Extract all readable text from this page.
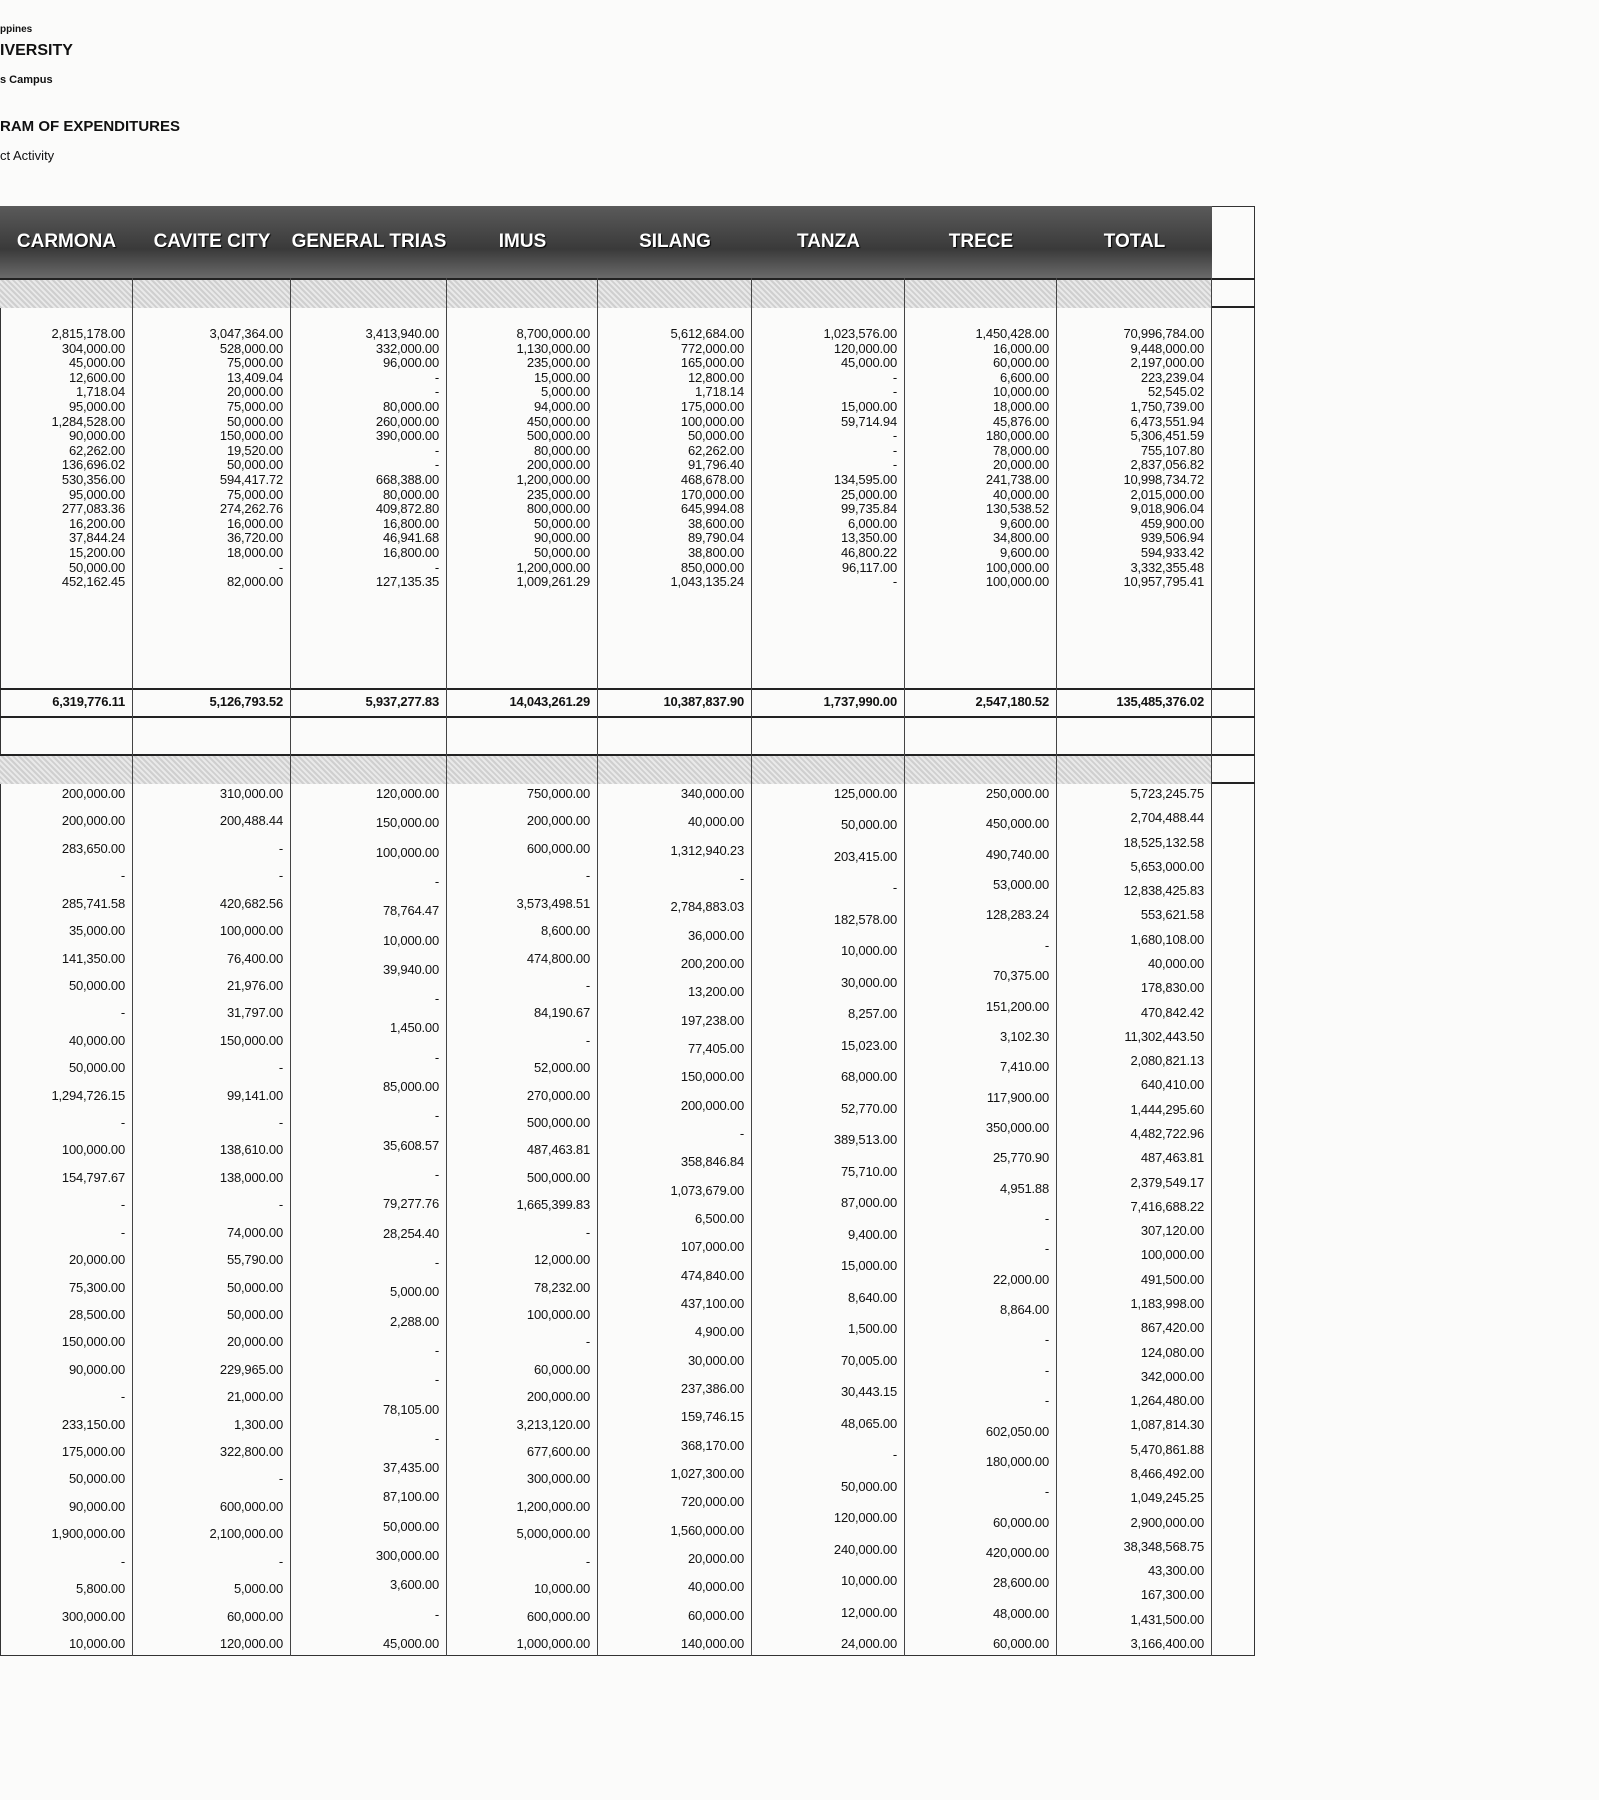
ppines
IVERSITY
s Campus
RAM OF EXPENDITURES
ct Activity
CARMONA
2,815,178.00
304,000.00
45,000.00
12,600.00
1,718.04
95,000.00
1,284,528.00
90,000.00
62,262.00
136,696.02
530,356.00
95,000.00
277,083.36
16,200.00
37,844.24
15,200.00
50,000.00
452,162.45
6,319,776.11
200,000.00
200,000.00
283,650.00
-
285,741.58
35,000.00
141,350.00
50,000.00
-
40,000.00
50,000.00
1,294,726.15
-
100,000.00
154,797.67
-
-
20,000.00
75,300.00
28,500.00
150,000.00
90,000.00
-
233,150.00
175,000.00
50,000.00
90,000.00
1,900,000.00
-
5,800.00
300,000.00
10,000.00
CAVITE CITY
3,047,364.00
528,000.00
75,000.00
13,409.04
20,000.00
75,000.00
50,000.00
150,000.00
19,520.00
50,000.00
594,417.72
75,000.00
274,262.76
16,000.00
36,720.00
18,000.00
-
82,000.00
5,126,793.52
310,000.00
200,488.44
-
-
420,682.56
100,000.00
76,400.00
21,976.00
31,797.00
150,000.00
-
99,141.00
-
138,610.00
138,000.00
-
74,000.00
55,790.00
50,000.00
50,000.00
20,000.00
229,965.00
21,000.00
1,300.00
322,800.00
-
600,000.00
2,100,000.00
-
5,000.00
60,000.00
120,000.00
GENERAL TRIAS
3,413,940.00
332,000.00
96,000.00
-
-
80,000.00
260,000.00
390,000.00
-
-
668,388.00
80,000.00
409,872.80
16,800.00
46,941.68
16,800.00
-
127,135.35
5,937,277.83
120,000.00
150,000.00
100,000.00
-
78,764.47
10,000.00
39,940.00
-
1,450.00
-
85,000.00
-
35,608.57
-
79,277.76
28,254.40
-
5,000.00
2,288.00
-
-
78,105.00
-
37,435.00
87,100.00
50,000.00
300,000.00
3,600.00
-
45,000.00
IMUS
8,700,000.00
1,130,000.00
235,000.00
15,000.00
5,000.00
94,000.00
450,000.00
500,000.00
80,000.00
200,000.00
1,200,000.00
235,000.00
800,000.00
50,000.00
90,000.00
50,000.00
1,200,000.00
1,009,261.29
14,043,261.29
750,000.00
200,000.00
600,000.00
-
3,573,498.51
8,600.00
474,800.00
-
84,190.67
-
52,000.00
270,000.00
500,000.00
487,463.81
500,000.00
1,665,399.83
-
12,000.00
78,232.00
100,000.00
-
60,000.00
200,000.00
3,213,120.00
677,600.00
300,000.00
1,200,000.00
5,000,000.00
-
10,000.00
600,000.00
1,000,000.00
SILANG
5,612,684.00
772,000.00
165,000.00
12,800.00
1,718.14
175,000.00
100,000.00
50,000.00
62,262.00
91,796.40
468,678.00
170,000.00
645,994.08
38,600.00
89,790.04
38,800.00
850,000.00
1,043,135.24
10,387,837.90
340,000.00
40,000.00
1,312,940.23
-
2,784,883.03
36,000.00
200,200.00
13,200.00
197,238.00
77,405.00
150,000.00
200,000.00
-
358,846.84
1,073,679.00
6,500.00
107,000.00
474,840.00
437,100.00
4,900.00
30,000.00
237,386.00
159,746.15
368,170.00
1,027,300.00
720,000.00
1,560,000.00
20,000.00
40,000.00
60,000.00
140,000.00
TANZA
1,023,576.00
120,000.00
45,000.00
-
-
15,000.00
59,714.94
-
-
-
134,595.00
25,000.00
99,735.84
6,000.00
13,350.00
46,800.22
96,117.00
-
1,737,990.00
125,000.00
50,000.00
203,415.00
-
182,578.00
10,000.00
30,000.00
8,257.00
15,023.00
68,000.00
52,770.00
389,513.00
75,710.00
87,000.00
9,400.00
15,000.00
8,640.00
1,500.00
70,005.00
30,443.15
48,065.00
-
50,000.00
120,000.00
240,000.00
10,000.00
12,000.00
24,000.00
TRECE
1,450,428.00
16,000.00
60,000.00
6,600.00
10,000.00
18,000.00
45,876.00
180,000.00
78,000.00
20,000.00
241,738.00
40,000.00
130,538.52
9,600.00
34,800.00
9,600.00
100,000.00
100,000.00
2,547,180.52
250,000.00
450,000.00
490,740.00
53,000.00
128,283.24
-
70,375.00
151,200.00
3,102.30
7,410.00
117,900.00
350,000.00
25,770.90
4,951.88
-
-
22,000.00
8,864.00
-
-
-
602,050.00
180,000.00
-
60,000.00
420,000.00
28,600.00
48,000.00
60,000.00
TOTAL
70,996,784.00
9,448,000.00
2,197,000.00
223,239.04
52,545.02
1,750,739.00
6,473,551.94
5,306,451.59
755,107.80
2,837,056.82
10,998,734.72
2,015,000.00
9,018,906.04
459,900.00
939,506.94
594,933.42
3,332,355.48
10,957,795.41
135,485,376.02
5,723,245.75
2,704,488.44
18,525,132.58
5,653,000.00
12,838,425.83
553,621.58
1,680,108.00
40,000.00
178,830.00
470,842.42
11,302,443.50
2,080,821.13
640,410.00
1,444,295.60
4,482,722.96
487,463.81
2,379,549.17
7,416,688.22
307,120.00
100,000.00
491,500.00
1,183,998.00
867,420.00
124,080.00
342,000.00
1,264,480.00
1,087,814.30
5,470,861.88
8,466,492.00
1,049,245.25
2,900,000.00
38,348,568.75
43,300.00
167,300.00
1,431,500.00
3,166,400.00
